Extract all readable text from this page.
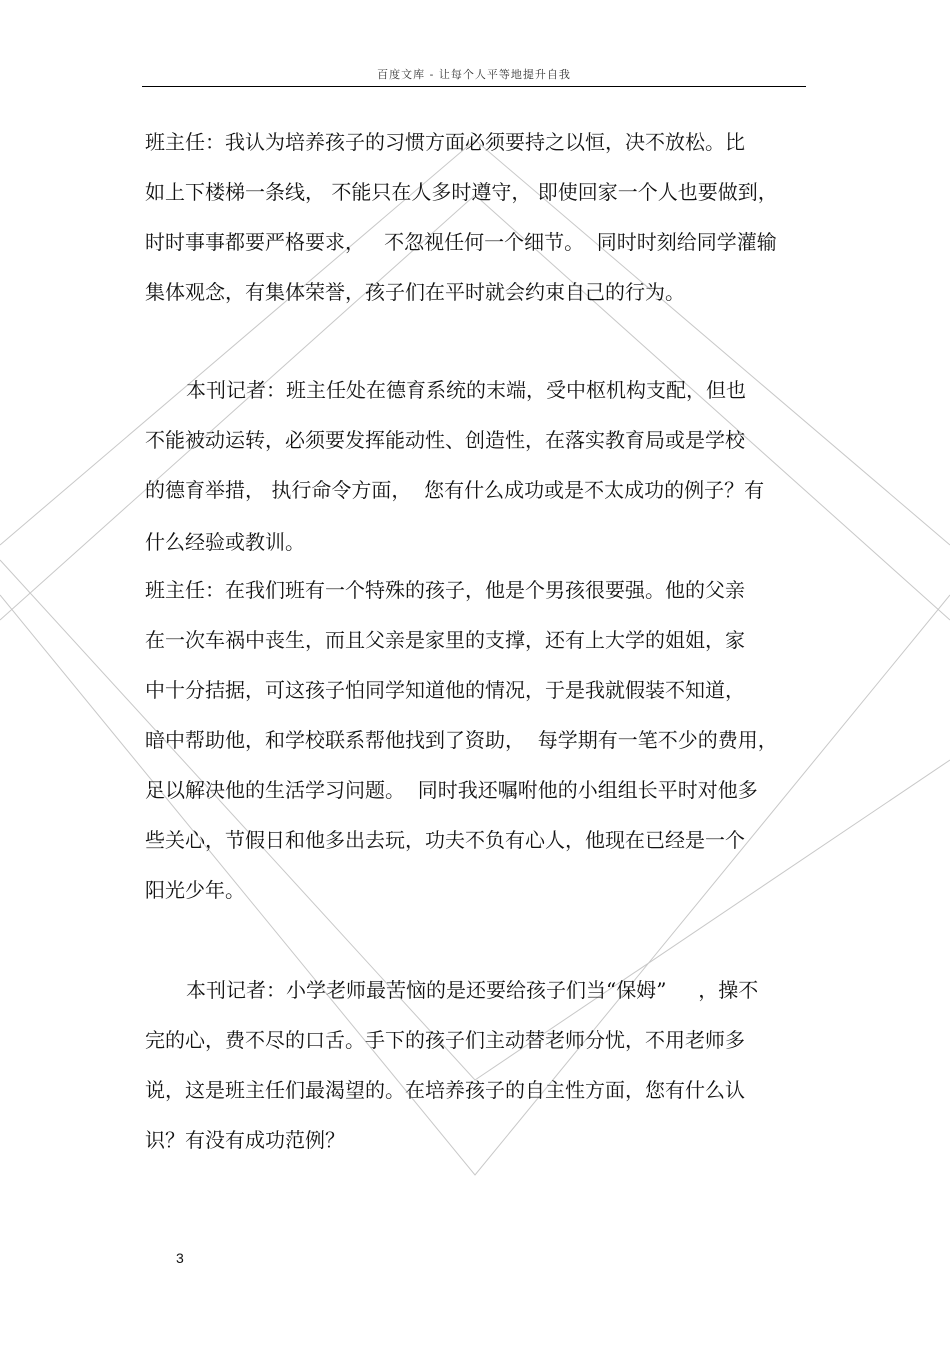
百度文库 - 让每个人平等地提升自我
班主任：我认为培养孩子的习惯方面必须要持之以恒，决不放松。比
如上下楼梯一条线， 不能只在人多时遵守， 即使回家一个人也要做到，
时时事事都要严格要求，   不忽视任何一个细节。  同时时刻给同学灌输
集体观念，有集体荣誉，孩子们在平时就会约束自己的行为。
本刊记者：班主任处在德育系统的末端，受中枢机构支配，但也
不能被动运转，必须要发挥能动性、创造性，在落实教育局或是学校
的德育举措， 执行命令方面，  您有什么成功或是不太成功的例子？有
什么经验或教训。
班主任：在我们班有一个特殊的孩子，他是个男孩很要强。他的父亲
在一次车祸中丧生，而且父亲是家里的支撑，还有上大学的姐姐，家
中十分拮据，可这孩子怕同学知道他的情况，于是我就假装不知道，
暗中帮助他，和学校联系帮他找到了资助，  每学期有一笔不少的费用，
足以解决他的生活学习问题。  同时我还嘱咐他的小组组长平时对他多
些关心，节假日和他多出去玩，功夫不负有心人，他现在已经是一个
阳光少年。
本刊记者：小学老师最苦恼的是还要给孩子们当“保姆”     ，操不
完的心，费不尽的口舌。手下的孩子们主动替老师分忧，不用老师多
说，这是班主任们最渴望的。在培养孩子的自主性方面，您有什么认
识？有没有成功范例？
3
